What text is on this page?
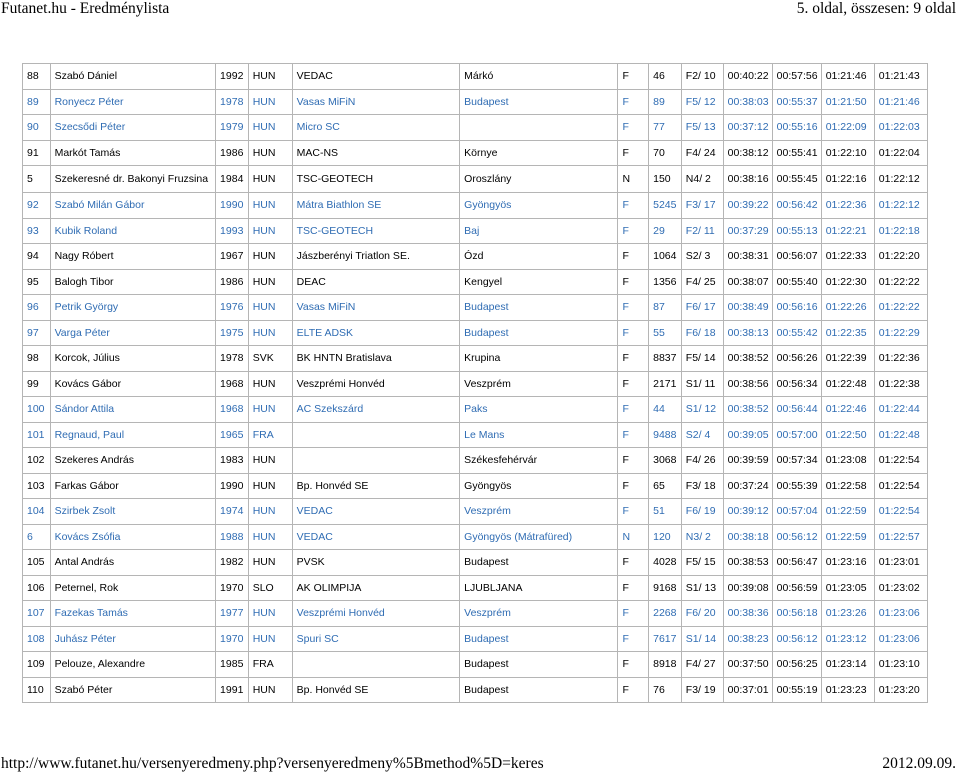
Futanet.hu - Eredménylista	5. oldal, összesen: 9 oldal
88	Szabó Dániel	1992	HUN	VEDAC	Márkó	F	46	F2/ 10	00:40:22	00:57:56	01:21:46	01:21:43
89	Ronyecz Péter	1978	HUN	Vasas MiFiN	Budapest	F	89	F5/ 12	00:38:03	00:55:37	01:21:50	01:21:46
90	Szecsődi Péter	1979	HUN	Micro SC		F	77	F5/ 13	00:37:12	00:55:16	01:22:09	01:22:03
91	Markót Tamás	1986	HUN	MAC-NS	Környe	F	70	F4/ 24	00:38:12	00:55:41	01:22:10	01:22:04
5	Szekeresné dr. Bakonyi Fruzsina	1984	HUN	TSC-GEOTECH	Oroszlány	N	150	N4/ 2	00:38:16	00:55:45	01:22:16	01:22:12
92	Szabó Milán Gábor	1990	HUN	Mátra Biathlon SE	Gyöngyös	F	5245	F3/ 17	00:39:22	00:56:42	01:22:36	01:22:12
93	Kubik Roland	1993	HUN	TSC-GEOTECH	Baj	F	29	F2/ 11	00:37:29	00:55:13	01:22:21	01:22:18
94	Nagy Róbert	1967	HUN	Jászberényi Triatlon SE.	Ózd	F	1064	S2/ 3	00:38:31	00:56:07	01:22:33	01:22:20
95	Balogh Tibor	1986	HUN	DEAC	Kengyel	F	1356	F4/ 25	00:38:07	00:55:40	01:22:30	01:22:22
96	Petrik György	1976	HUN	Vasas MiFiN	Budapest	F	87	F6/ 17	00:38:49	00:56:16	01:22:26	01:22:22
97	Varga Péter	1975	HUN	ELTE ADSK	Budapest	F	55	F6/ 18	00:38:13	00:55:42	01:22:35	01:22:29
98	Korcok, Július	1978	SVK	BK HNTN Bratislava	Krupina	F	8837	F5/ 14	00:38:52	00:56:26	01:22:39	01:22:36
99	Kovács Gábor	1968	HUN	Veszprémi Honvéd	Veszprém	F	2171	S1/ 11	00:38:56	00:56:34	01:22:48	01:22:38
100	Sándor Attila	1968	HUN	AC Szekszárd	Paks	F	44	S1/ 12	00:38:52	00:56:44	01:22:46	01:22:44
101	Regnaud, Paul	1965	FRA		Le Mans	F	9488	S2/ 4	00:39:05	00:57:00	01:22:50	01:22:48
102	Szekeres András	1983	HUN		Székesfehérvár	F	3068	F4/ 26	00:39:59	00:57:34	01:23:08	01:22:54
103	Farkas Gábor	1990	HUN	Bp. Honvéd SE	Gyöngyös	F	65	F3/ 18	00:37:24	00:55:39	01:22:58	01:22:54
104	Szirbek Zsolt	1974	HUN	VEDAC	Veszprém	F	51	F6/ 19	00:39:12	00:57:04	01:22:59	01:22:54
6	Kovács Zsófia	1988	HUN	VEDAC	Gyöngyös (Mátrafüred)	N	120	N3/ 2	00:38:18	00:56:12	01:22:59	01:22:57
105	Antal András	1982	HUN	PVSK	Budapest	F	4028	F5/ 15	00:38:53	00:56:47	01:23:16	01:23:01
106	Peternel, Rok	1970	SLO	AK OLIMPIJA	LJUBLJANA	F	9168	S1/ 13	00:39:08	00:56:59	01:23:05	01:23:02
107	Fazekas Tamás	1977	HUN	Veszprémi Honvéd	Veszprém	F	2268	F6/ 20	00:38:36	00:56:18	01:23:26	01:23:06
108	Juhász Péter	1970	HUN	Spuri SC	Budapest	F	7617	S1/ 14	00:38:23	00:56:12	01:23:12	01:23:06
109	Pelouze, Alexandre	1985	FRA		Budapest	F	8918	F4/ 27	00:37:50	00:56:25	01:23:14	01:23:10
110	Szabó Péter	1991	HUN	Bp. Honvéd SE	Budapest	F	76	F3/ 19	00:37:01	00:55:19	01:23:23	01:23:20
http://www.futanet.hu/versenyeredmeny.php?versenyeredmeny%5Bmethod%5D=keres	2012.09.09.
